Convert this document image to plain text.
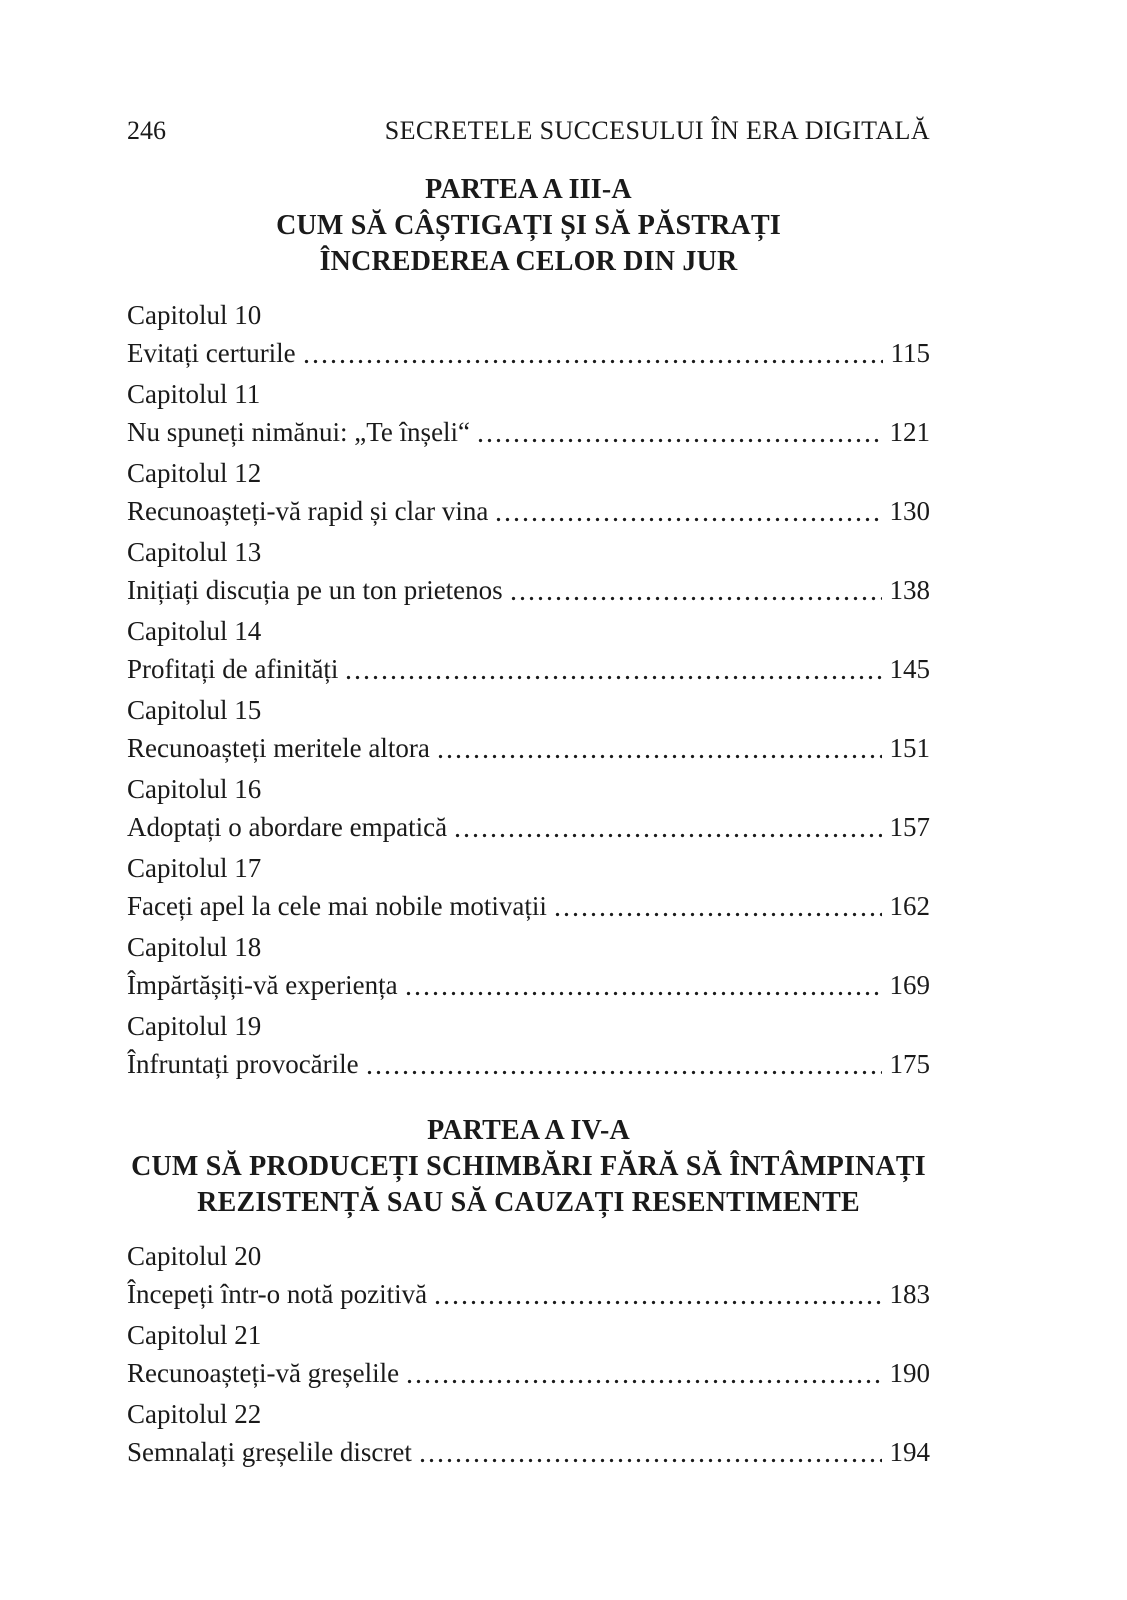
246	SECRETELE SUCCESULUI ÎN ERA DIGITALĂ
PARTEA A III-A
CUM SĂ CÂȘTIGAȚI ȘI SĂ PĂSTRAȚI
ÎNCREDEREA CELOR DIN JUR
Capitolul 10
Evitați certurile	115
Capitolul 11
Nu spuneți nimănui: „Te înșeli“	121
Capitolul 12
Recunoașteți-vă rapid și clar vina	130
Capitolul 13
Inițiați discuția pe un ton prietenos	138
Capitolul 14
Profitați de afinități	145
Capitolul 15
Recunoașteți meritele altora	151
Capitolul 16
Adoptați o abordare empatică	157
Capitolul 17
Faceți apel la cele mai nobile motivații	162
Capitolul 18
Împărtășiți-vă experiența	169
Capitolul 19
Înfruntați provocările	175
PARTEA A IV-A
CUM SĂ PRODUCEȚI SCHIMBĂRI FĂRĂ SĂ ÎNTÂMPINAȚI
REZISTENȚĂ SAU SĂ CAUZAȚI RESENTIMENTE
Capitolul 20
Începeți într-o notă pozitivă	183
Capitolul 21
Recunoașteți-vă greșelile	190
Capitolul 22
Semnalați greșelile discret	194
